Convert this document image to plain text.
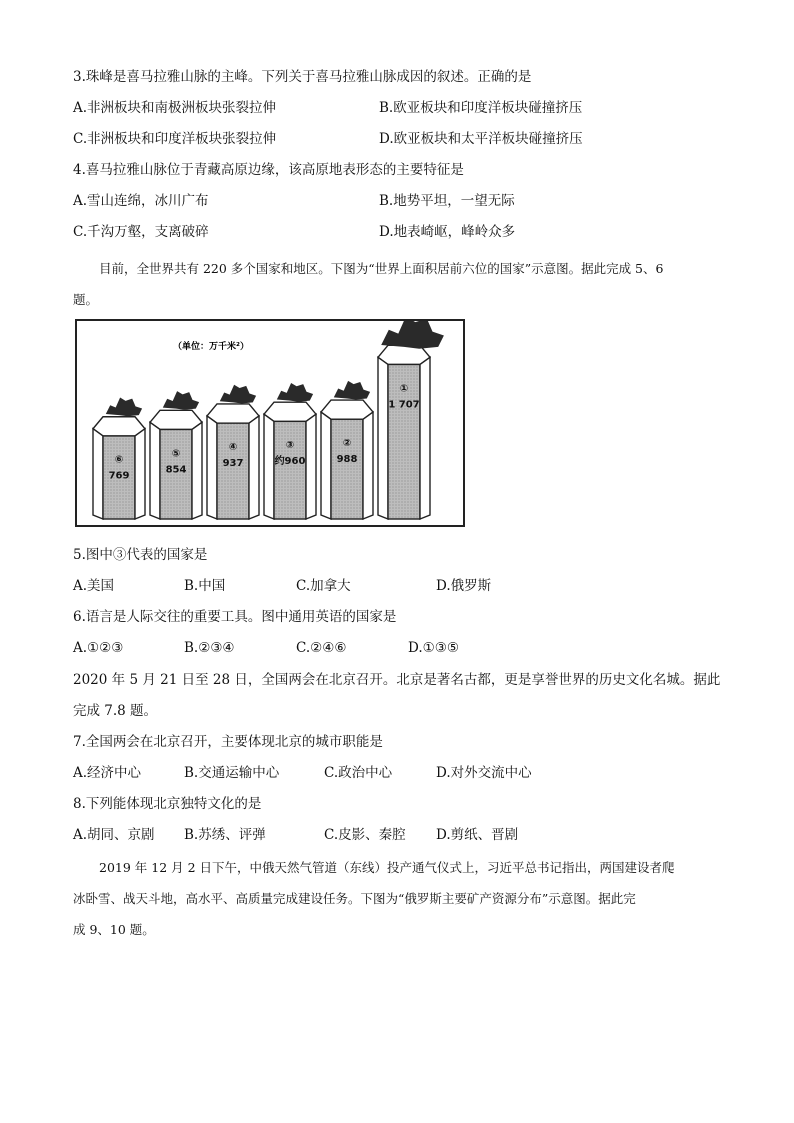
3.珠峰是喜马拉雅山脉的主峰。下列关于喜马拉雅山脉成因的叙述。正确的是
A.非洲板块和南极洲板块张裂拉伸	B.欧亚板块和印度洋板块碰撞挤压
C.非洲板块和印度洋板块张裂拉伸	D.欧亚板块和太平洋板块碰撞挤压
4.喜马拉雅山脉位于青藏高原边缘，该高原地表形态的主要特征是
A.雪山连绵，冰川广布	B.地势平坦，一望无际
C.千沟万壑，支离破碎	D.地表崎岖，峰岭众多
目前，全世界共有 220 多个国家和地区。下图为“世界上面积居前六位的国家”示意图。据此完成 5、6
题。
（单位：万千米²）
⑥
769
⑤
854
④
937
③
约960
②
988
①
1 707
5.图中③代表的国家是
A.美国	B.中国	C.加拿大	D.俄罗斯
6.语言是人际交往的重要工具。图中通用英语的国家是
A.①②③	B.②③④	C.②④⑥	D.①③⑤
2020 年 5 月 21 日至 28 日，全国两会在北京召开。北京是著名古都，更是享誉世界的历史文化名城。据此
完成 7.8 题。
7.全国两会在北京召开，主要体现北京的城市职能是
A.经济中心	B.交通运输中心	C.政治中心	D.对外交流中心
8.下列能体现北京独特文化的是
A.胡同、京剧 B.苏绣、评弹	C.皮影、秦腔 D.剪纸、晋剧
2019 年 12 月 2 日下午，中俄天然气管道（东线）投产通气仪式上，习近平总书记指出，两国建设者爬
冰卧雪、战天斗地，高水平、高质量完成建设任务。下图为“俄罗斯主要矿产资源分布”示意图。据此完
成 9、10 题。
